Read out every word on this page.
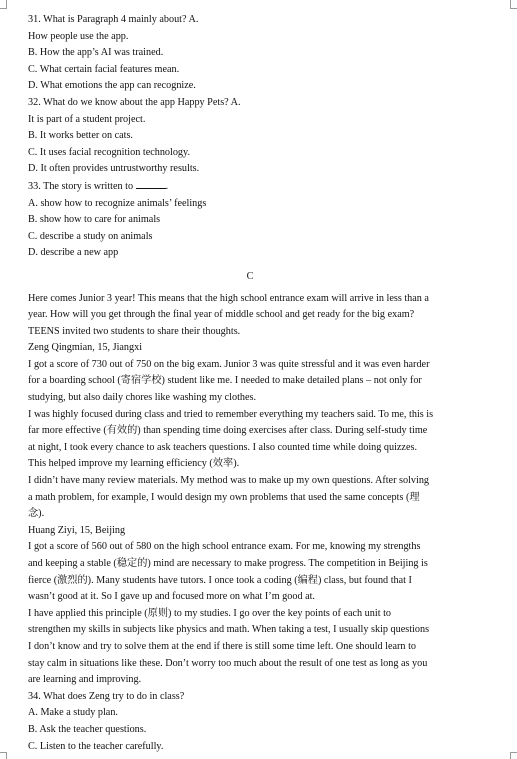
31. What is Paragraph 4 mainly about? A.
How people use the app.
B. How the app’s AI was trained.
C. What certain facial features mean.
D. What emotions the app can recognize.
32. What do we know about the app Happy Pets? A.
It is part of a student project.
B. It works better on cats.
C. It uses facial recognition technology.
D. It often provides untrustworthy results.
33. The story is written to	.
A. show how to recognize animals’ feelings
B. show how to care for animals
C. describe a study on animals
D. describe a new app
C
Here comes Junior 3 year! This means that the high school entrance exam will arrive in less than a
year. How will you get through the final year of middle school and get ready for the big exam?
TEENS invited two students to share their thoughts.
Zeng Qingmian, 15, Jiangxi
I got a score of 730 out of 750 on the big exam. Junior 3 was quite stressful and it was even harder
for a boarding school (寄宿学校) student like me. I needed to make detailed plans – not only for
studying, but also daily chores like washing my clothes.
I was highly focused during class and tried to remember everything my teachers said. To me, this is
far more effective (有效的) than spending time doing exercises after class. During self-study time
at night, I took every chance to ask teachers questions. I also counted time while doing quizzes.
This helped improve my learning efficiency (效率).
I didn’t have many review materials. My method was to make up my own questions. After solving
a math problem, for example, I would design my own problems that used the same concepts (理
念).
Huang Ziyi, 15, Beijing
I got a score of 560 out of 580 on the high school entrance exam. For me, knowing my strengths
and keeping a stable (稳定的) mind are necessary to make progress. The competition in Beijing is
fierce (激烈的). Many students have tutors. I once took a coding (编程) class, but found that I
wasn’t good at it. So I gave up and focused more on what I’m good at.
I have applied this principle (原则) to my studies. I go over the key points of each unit to
strengthen my skills in subjects like physics and math. When taking a test, I usually skip questions
I don’t know and try to solve them at the end if there is still some time left. One should learn to
stay calm in situations like these. Don’t worry too much about the result of one test as long as you
are learning and improving.
34. What does Zeng try to do in class?
A. Make a study plan.
B. Ask the teacher questions.
C. Listen to the teacher carefully.
